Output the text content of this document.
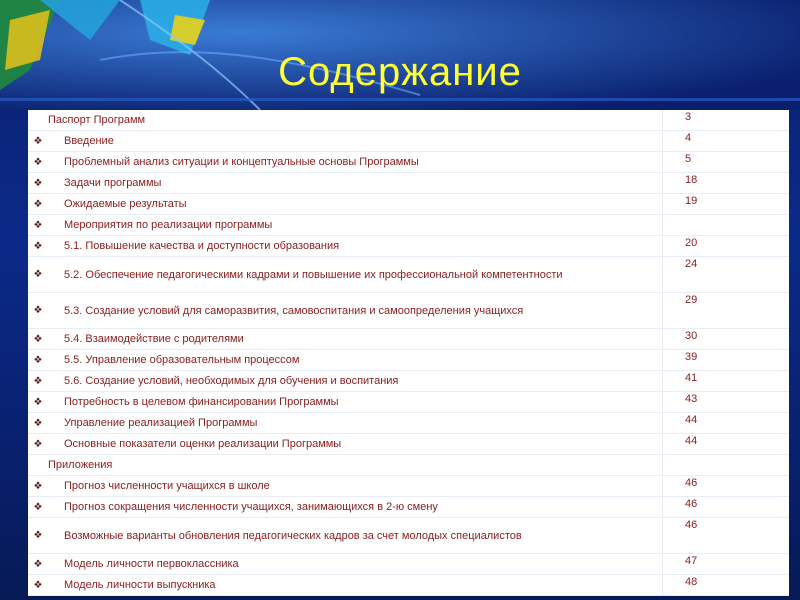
Содержание
	Паспорт Программ	3
❖	Введение	4
❖	Проблемный анализ ситуации и концептуальные основы Программы	5
❖	Задачи программы	18
❖	Ожидаемые результаты	19
❖	Мероприятия по реализации программы	
❖	5.1. Повышение качества и доступности образования	20
❖	5.2. Обеспечение педагогическими кадрами и повышение их профессиональной компетентности	24
❖	5.3. Создание условий для саморазвития, самовоспитания и самоопределения учащихся	29
❖	5.4. Взаимодействие с родителями	30
❖	5.5. Управление образовательным процессом	39
❖	5.6. Создание условий, необходимых для обучения и воспитания	41
❖	Потребность в целевом финансировании Программы	43
❖	Управление реализацией Программы	44
❖	Основные показатели оценки реализации Программы	44
	Приложения	
❖	Прогноз численности учащихся в школе	46
❖	Прогноз сокращения численности учащихся, занимающихся в 2-ю смену	46
❖	Возможные варианты обновления педагогических кадров за счет молодых специалистов	46
❖	Модель личности первоклассника	47
❖	Модель личности выпускника	48
